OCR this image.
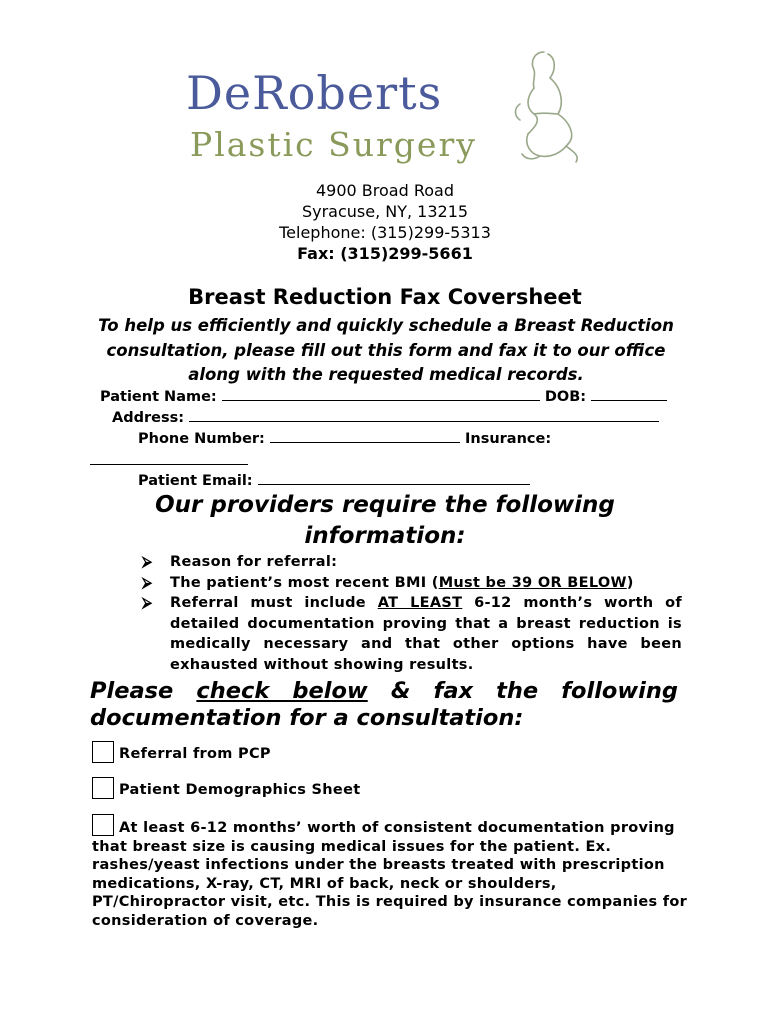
DeRoberts
Plastic Surgery
4900 Broad Road
Syracuse, NY, 13215
Telephone: (315)299-5313
Fax: (315)299-5661
Breast Reduction Fax Coversheet
To help us efficiently and quickly schedule a Breast Reduction consultation, please fill out this form and fax it to our office along with the requested medical records.
Patient Name:	DOB:
Address:
Phone Number:	Insurance:
Patient Email:
Our providers require the following information:
⮚ Reason for referral:
⮚ The patient’s most recent BMI (Must be 39 OR BELOW)
⮚ Referral must include AT LEAST 6-12 month’s worth of detailed documentation proving that a breast reduction is medically necessary and that other options have been exhausted without showing results.
Please check below & fax the following documentation for a consultation:
Referral from PCP
Patient Demographics Sheet
At least 6-12 months’ worth of consistent documentation proving
that breast size is causing medical issues for the patient. Ex. rashes/yeast infections under the breasts treated with prescription medications, X-ray, CT, MRI of back, neck or shoulders, PT/Chiropractor visit, etc. This is required by insurance companies for consideration of coverage.
